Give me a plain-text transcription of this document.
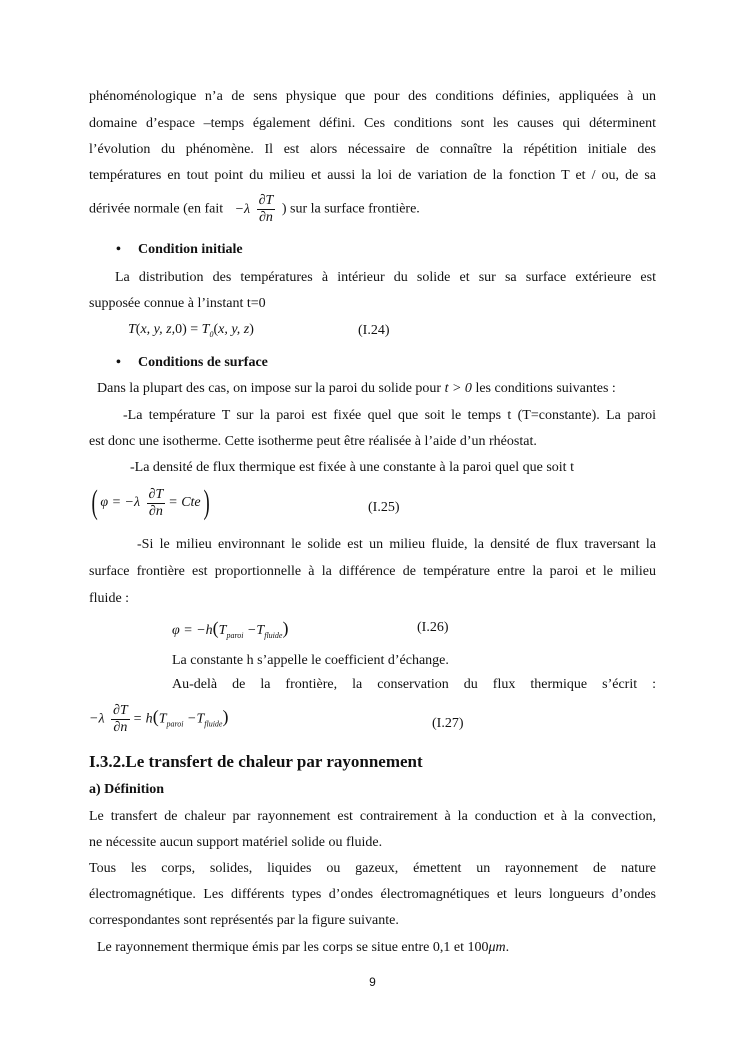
phénoménologique n’a de sens physique que pour des conditions définies, appliquées à un
domaine d’espace –temps également défini. Ces conditions sont les causes qui déterminent
l’évolution du phénomène. Il est alors nécessaire de connaître la répétition initiale des
températures en tout point du milieu et aussi la loi de variation de la fonction T et / ou, de sa
dérivée normale (en fait $-\lambda \frac{\partial T}{\partial n}$ ) sur la surface frontière.
• Condition initiale
La distribution des températures à intérieur du solide et sur sa surface extérieure est
supposée connue à l’instant t=0
T(x, y, $z,0) = T_0(x$, y, z)	(I.24)
• Conditions de surface
Dans la plupart des cas, on impose sur la paroi du solide pour t > 0 les conditions suivantes :
-La température T sur la paroi est fixée quel que soit le temps t (T=constante). La paroi
est donc une isotherme. Cette isotherme peut être réalisée à l’aide d’un rhéostat.
-La densité de flux thermique est fixée à une constante à la paroi quel que soit t
( $\varphi = -\lambda \frac{\partial T}{\partial n} = Cte$)	(I.25)
-Si le milieu environnant le solide est un milieu fluide, la densité de flux traversant la
surface frontière est proportionnelle à la différence de température entre la paroi et le milieu
fluide :
$\varphi = -h(T_{paroi} -T_{fluide})$	(I.26)
La constante h s’appelle le coefficient d’échange.
Au-delà de la frontière, la conservation du flux thermique s’écrit :
$-\lambda \frac{\partial T}{\partial n} = h(T_{paroi} -T_{fluide})$	(I.27)
I.3.2.Le transfert de chaleur par rayonnement
a) Définition
Le transfert de chaleur par rayonnement est contrairement à la conduction et à la convection,
ne nécessite aucun support matériel solide ou fluide.
Tous les corps, solides, liquides ou gazeux, émettent un rayonnement de nature
électromagnétique. Les différents types d’ondes électromagnétiques et leurs longueurs d’ondes
correspondantes sont représentés par la figure suivante.
Le rayonnement thermique émis par les corps se situe entre 0,1 et 100μm.
9
